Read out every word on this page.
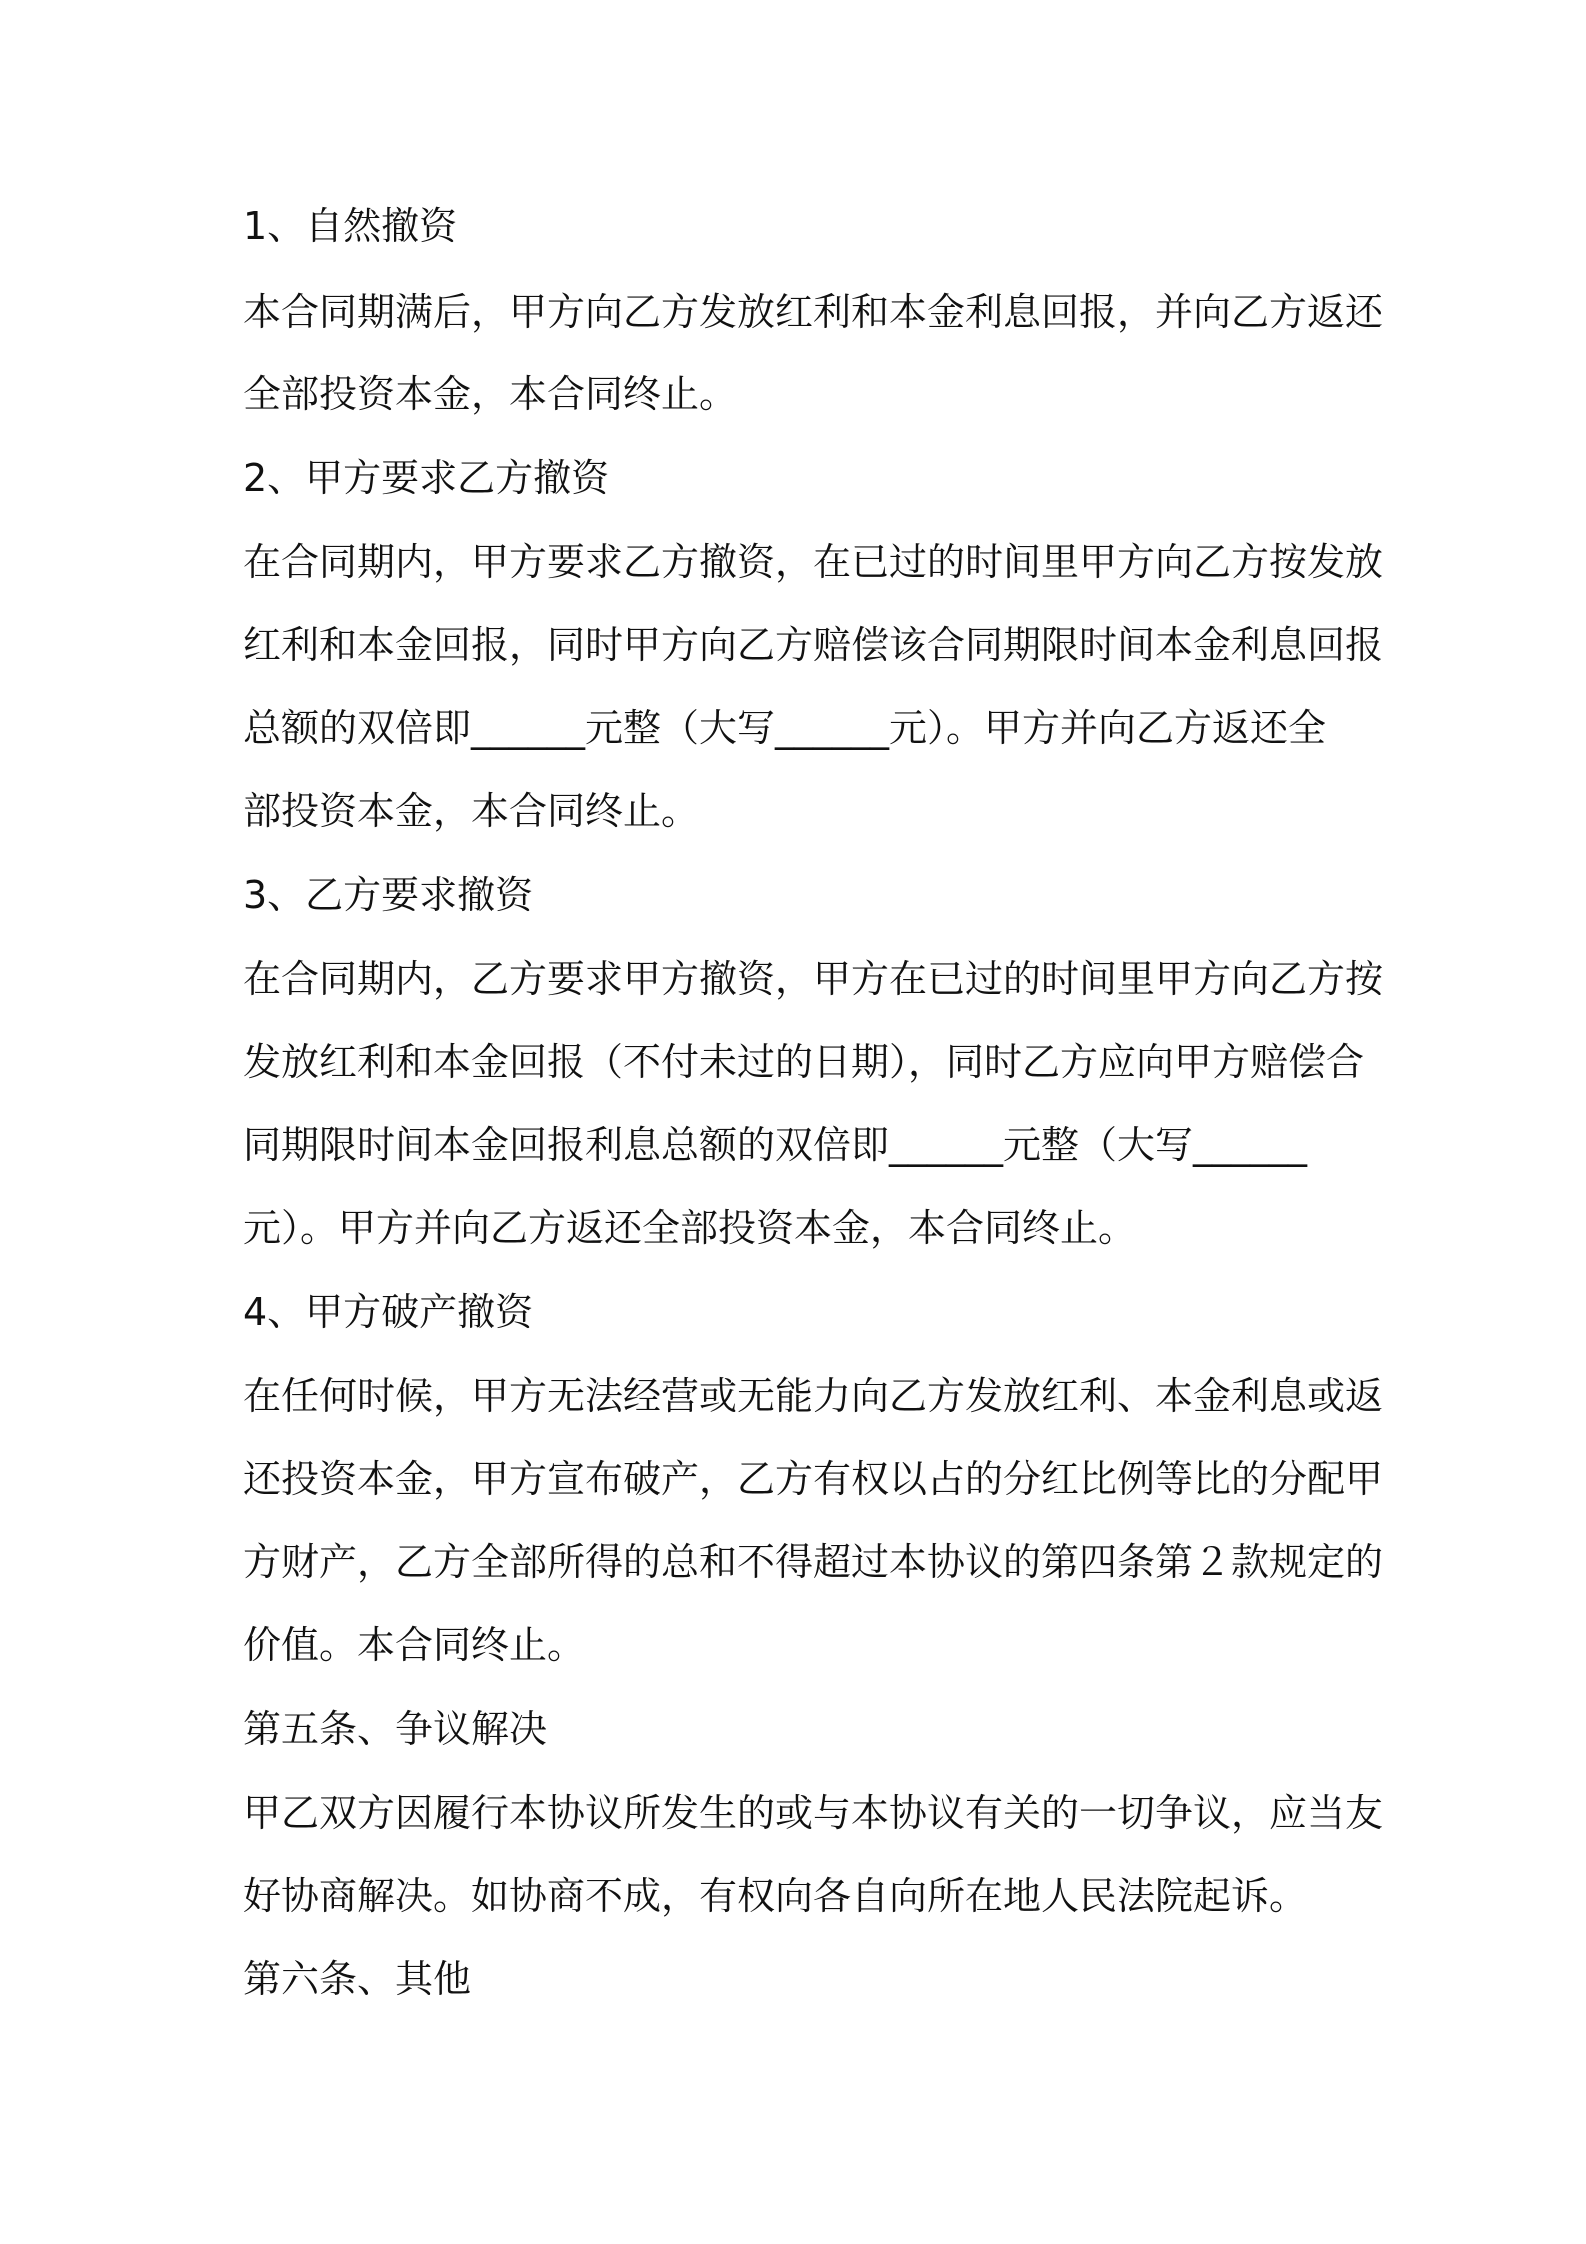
1、自然撤资
本合同期满后，甲方向乙方发放红利和本金利息回报，并向乙方返还
全部投资本金，本合同终止。
2、甲方要求乙方撤资
在合同期内，甲方要求乙方撤资，在已过的时间里甲方向乙方按发放
红利和本金回报，同时甲方向乙方赔偿该合同期限时间本金利息回报
总额的双倍即______元整（大写______元）。甲方并向乙方返还全
部投资本金，本合同终止。
3、乙方要求撤资
在合同期内，乙方要求甲方撤资，甲方在已过的时间里甲方向乙方按
发放红利和本金回报（不付未过的日期），同时乙方应向甲方赔偿合
同期限时间本金回报利息总额的双倍即______元整（大写______
元）。甲方并向乙方返还全部投资本金，本合同终止。
4、甲方破产撤资
在任何时候，甲方无法经营或无能力向乙方发放红利、本金利息或返
还投资本金，甲方宣布破产，乙方有权以占的分红比例等比的分配甲
方财产，乙方全部所得的总和不得超过本协议的第四条第２款规定的
价值。本合同终止。
第五条、争议解决
甲乙双方因履行本协议所发生的或与本协议有关的一切争议，应当友
好协商解决。如协商不成，有权向各自向所在地人民法院起诉。
第六条、其他
